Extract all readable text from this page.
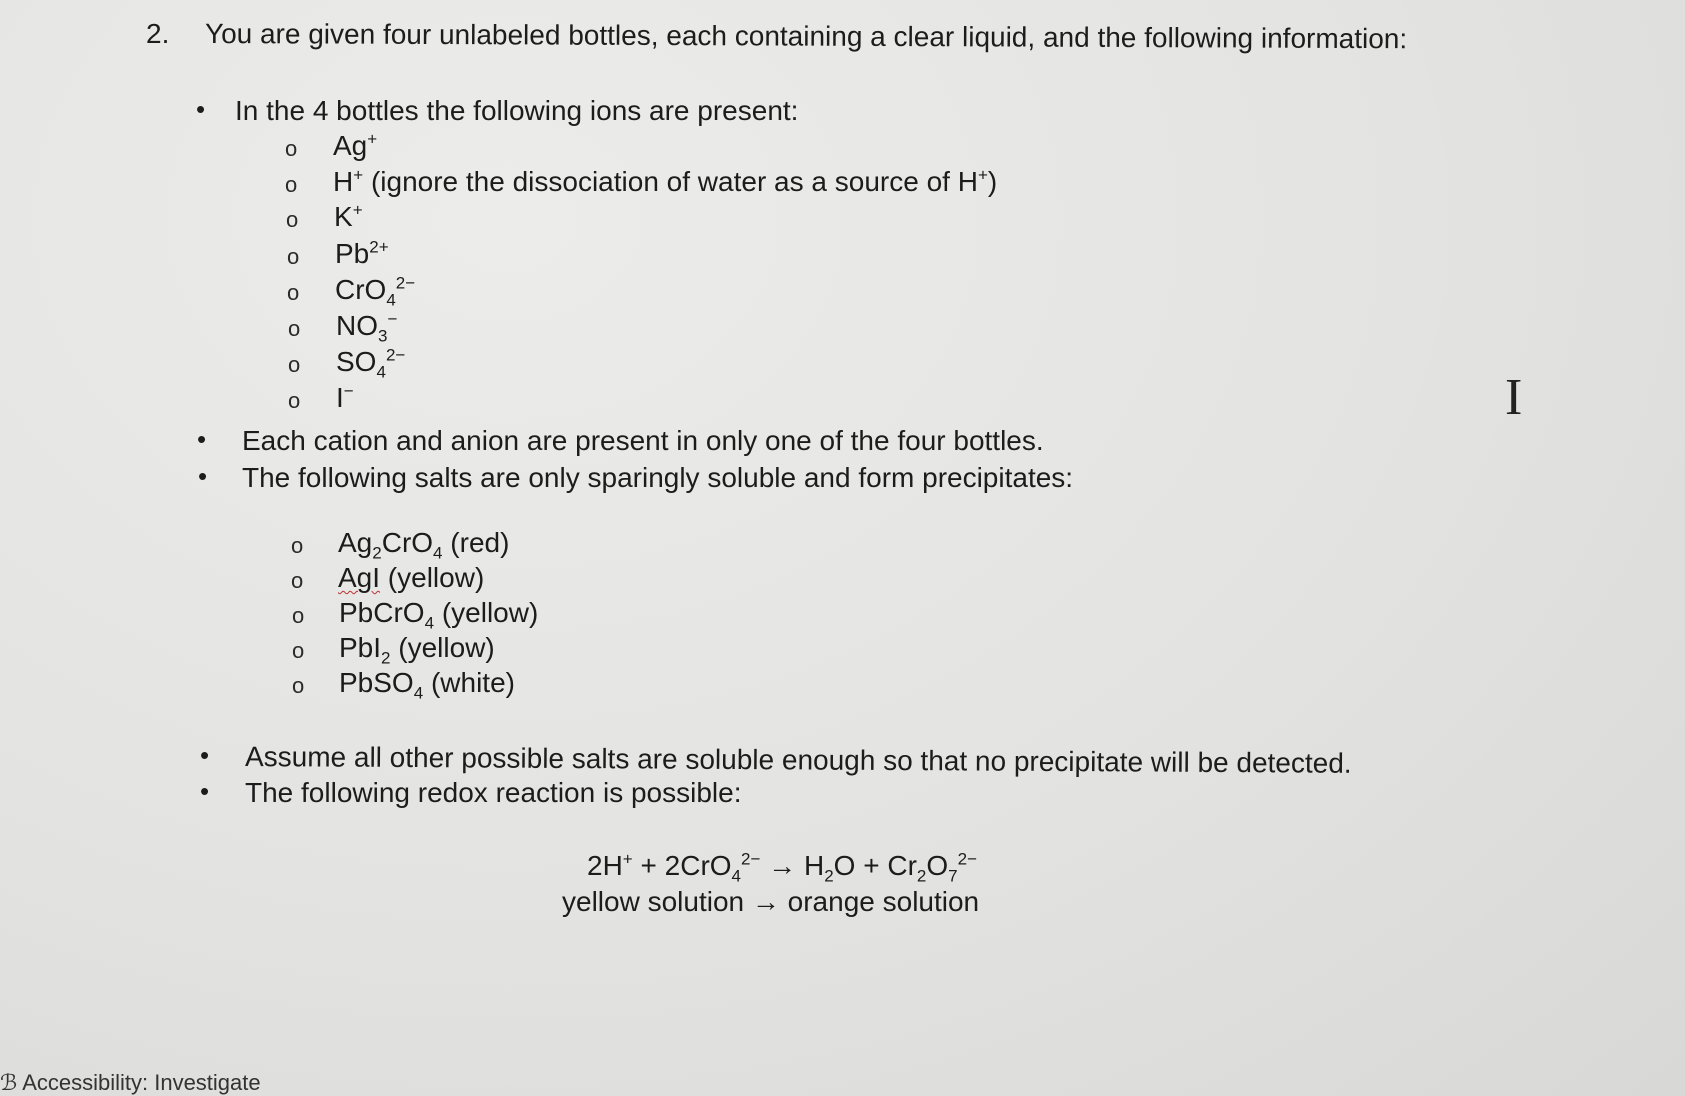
2. You are given four unlabeled bottles, each containing a clear liquid, and the following information:
• In the 4 bottles the following ions are present:
o Ag+
o H+ (ignore the dissociation of water as a source of H+)
o K+
o $Pb^{2+}$
o CrO$_4^{2-}$
o $NO_3^-$
o $SO_4^{2-}$
o I−
• Each cation and anion are present in only one of the four bottles.
• The following salts are only sparingly soluble and form precipitates:
o $Ag_2CrO_4$ (red)
o AgI (yellow)
o PbCrO$_4$ (yellow)
o PbI$_2$ (yellow)
o PbSO$_4$ (white)
• Assume all other possible salts are soluble enough so that no precipitate will be detected.
• The following redox reaction is possible:
$2H^+ + 2CrO_4^{2-} \to H_2O + Cr_2O_7^{2-}$
yellow solution → orange solution
I
ℬ Accessibility: Investigate
